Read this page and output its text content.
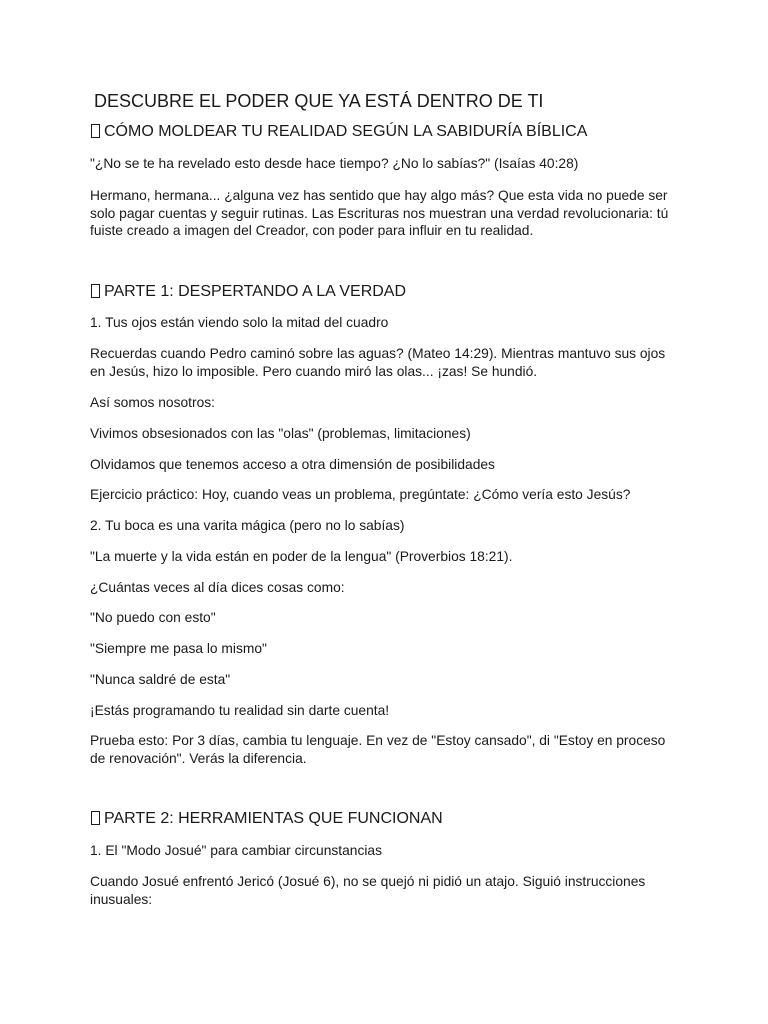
DESCUBRE EL PODER QUE YA ESTÁ DENTRO DE TI
CÓMO MOLDEAR TU REALIDAD SEGÚN LA SABIDURÍA BÍBLICA
"¿No se te ha revelado esto desde hace tiempo? ¿No lo sabías?" (Isaías 40:28)
Hermano, hermana... ¿alguna vez has sentido que hay algo más? Que esta vida no puede ser solo pagar cuentas y seguir rutinas. Las Escrituras nos muestran una verdad revolucionaria: tú fuiste creado a imagen del Creador, con poder para influir en tu realidad.
PARTE 1: DESPERTANDO A LA VERDAD
1. Tus ojos están viendo solo la mitad del cuadro
Recuerdas cuando Pedro caminó sobre las aguas? (Mateo 14:29). Mientras mantuvo sus ojos en Jesús, hizo lo imposible. Pero cuando miró las olas... ¡zas! Se hundió.
Así somos nosotros:
Vivimos obsesionados con las "olas" (problemas, limitaciones)
Olvidamos que tenemos acceso a otra dimensión de posibilidades
Ejercicio práctico: Hoy, cuando veas un problema, pregúntate: ¿Cómo vería esto Jesús?
2. Tu boca es una varita mágica (pero no lo sabías)
"La muerte y la vida están en poder de la lengua" (Proverbios 18:21).
¿Cuántas veces al día dices cosas como:
"No puedo con esto"
"Siempre me pasa lo mismo"
"Nunca saldré de esta"
¡Estás programando tu realidad sin darte cuenta!
Prueba esto: Por 3 días, cambia tu lenguaje. En vez de "Estoy cansado", di "Estoy en proceso de renovación". Verás la diferencia.
PARTE 2: HERRAMIENTAS QUE FUNCIONAN
1. El "Modo Josué" para cambiar circunstancias
Cuando Josué enfrentó Jericó (Josué 6), no se quejó ni pidió un atajo. Siguió instrucciones inusuales:
